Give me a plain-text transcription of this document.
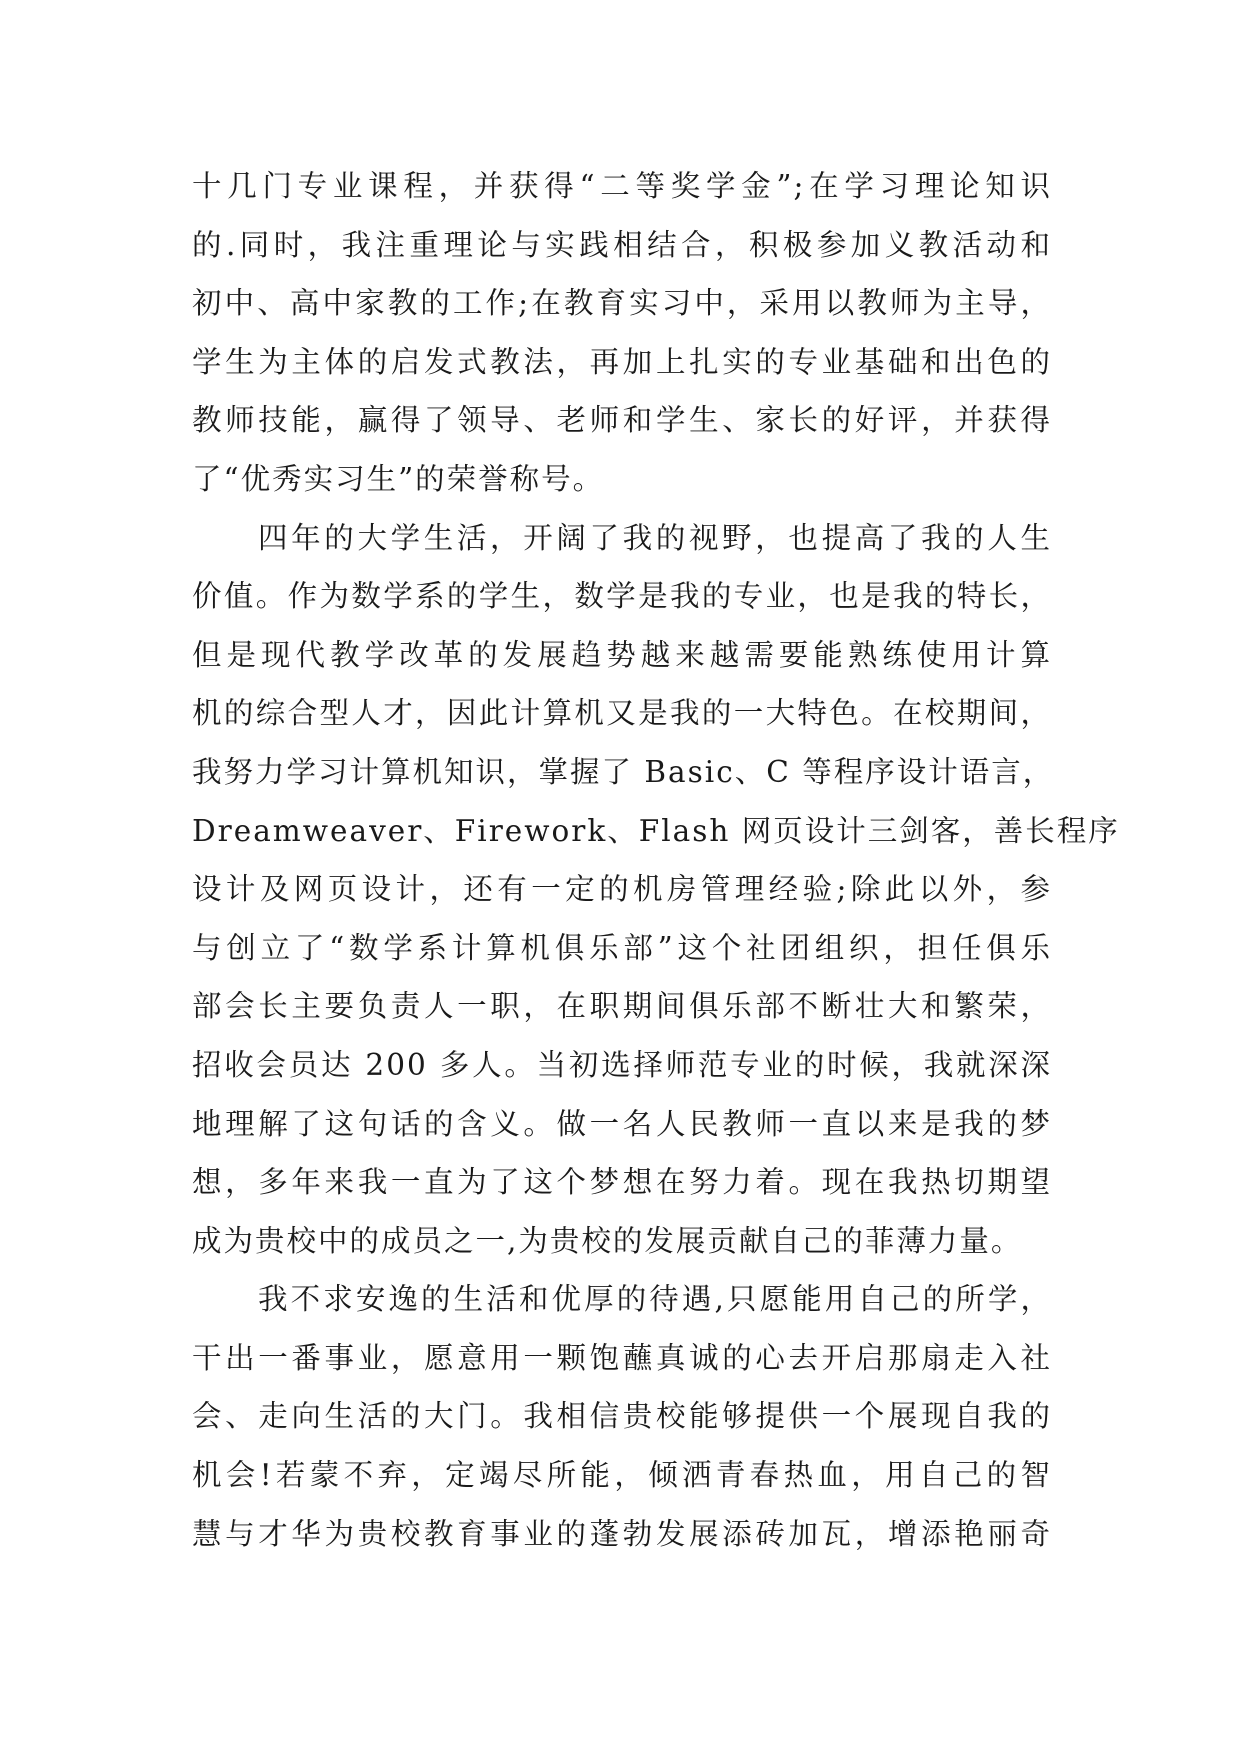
十几门专业课程，并获得“二等奖学金”;在学习理论知识
的.同时，我注重理论与实践相结合，积极参加义教活动和
初中、高中家教的工作;在教育实习中，采用以教师为主导，
学生为主体的启发式教法，再加上扎实的专业基础和出色的
教师技能，赢得了领导、老师和学生、家长的好评，并获得
了“优秀实习生”的荣誉称号。
四年的大学生活，开阔了我的视野，也提高了我的人生
价值。作为数学系的学生，数学是我的专业，也是我的特长，
但是现代教学改革的发展趋势越来越需要能熟练使用计算
机的综合型人才，因此计算机又是我的一大特色。在校期间，
我努力学习计算机知识，掌握了 Basic、C 等程序设计语言，
Dreamweaver、Firework、Flash 网页设计三剑客，善长程序
设计及网页设计，还有一定的机房管理经验;除此以外，参
与创立了“数学系计算机俱乐部”这个社团组织，担任俱乐
部会长主要负责人一职，在职期间俱乐部不断壮大和繁荣，
招收会员达 200 多人。当初选择师范专业的时候，我就深深
地理解了这句话的含义。做一名人民教师一直以来是我的梦
想，多年来我一直为了这个梦想在努力着。现在我热切期望
成为贵校中的成员之一,为贵校的发展贡献自己的菲薄力量。
我不求安逸的生活和优厚的待遇,只愿能用自己的所学，
干出一番事业，愿意用一颗饱蘸真诚的心去开启那扇走入社
会、走向生活的大门。我相信贵校能够提供一个展现自我的
机会!若蒙不弃，定竭尽所能，倾洒青春热血，用自己的智
慧与才华为贵校教育事业的蓬勃发展添砖加瓦，增添艳丽奇
